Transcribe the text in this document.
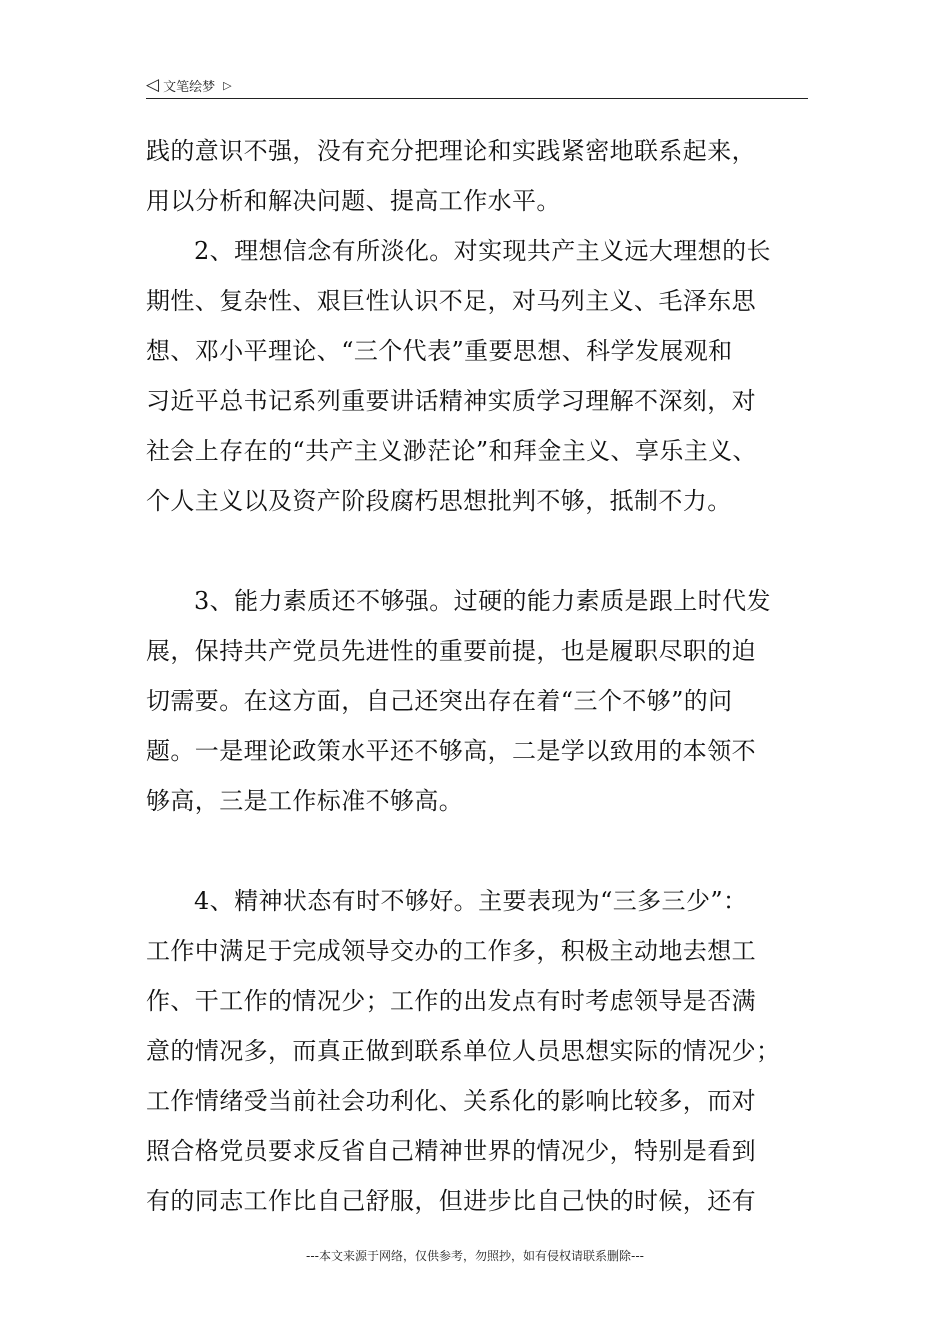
◁ 文笔绘梦 ▷
践的意识不强，没有充分把理论和实践紧密地联系起来，
用以分析和解决问题、提高工作水平。
2、理想信念有所淡化。对实现共产主义远大理想的长
期性、复杂性、艰巨性认识不足，对马列主义、毛泽东思
想、邓小平理论、“三个代表”重要思想、科学发展观和
习近平总书记系列重要讲话精神实质学习理解不深刻，对
社会上存在的“共产主义渺茫论”和拜金主义、享乐主义、
个人主义以及资产阶段腐朽思想批判不够，抵制不力。
3、能力素质还不够强。过硬的能力素质是跟上时代发
展，保持共产党员先进性的重要前提，也是履职尽职的迫
切需要。在这方面，自己还突出存在着“三个不够”的问
题。一是理论政策水平还不够高，二是学以致用的本领不
够高，三是工作标准不够高。
4、精神状态有时不够好。主要表现为“三多三少”：
工作中满足于完成领导交办的工作多，积极主动地去想工
作、干工作的情况少；工作的出发点有时考虑领导是否满
意的情况多，而真正做到联系单位人员思想实际的情况少；
工作情绪受当前社会功利化、关系化的影响比较多，而对
照合格党员要求反省自己精神世界的情况少，特别是看到
有的同志工作比自己舒服，但进步比自己快的时候，还有
---本文来源于网络，仅供参考，勿照抄，如有侵权请联系删除---
